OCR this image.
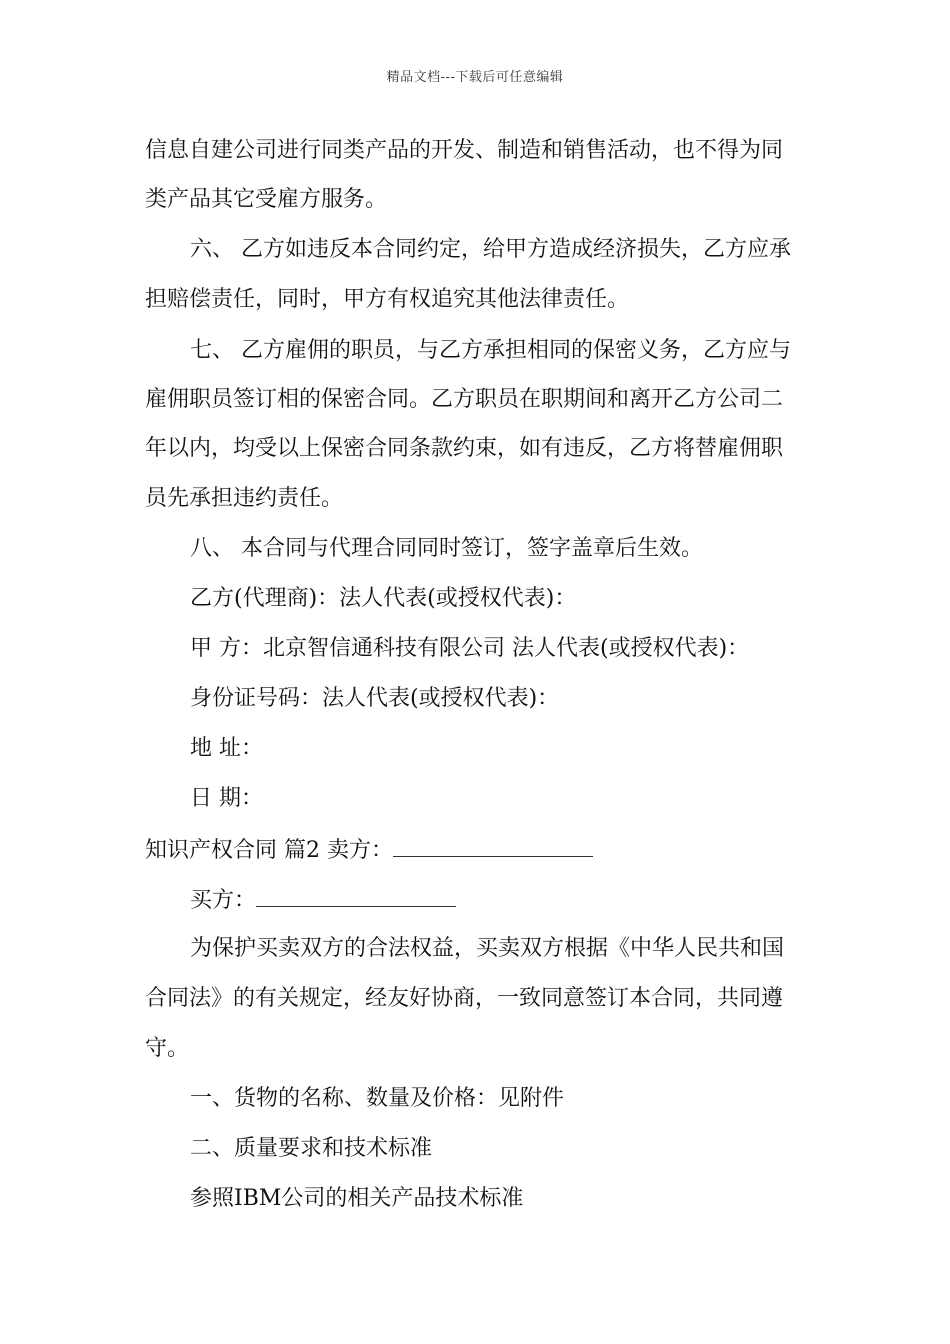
精品文档---下载后可任意编辑
信息自建公司进行同类产品的开发、制造和销售活动，也不得为同
类产品其它受雇方服务。
六、 乙方如违反本合同约定，给甲方造成经济损失，乙方应承
担赔偿责任，同时，甲方有权追究其他法律责任。
七、 乙方雇佣的职员，与乙方承担相同的保密义务，乙方应与
雇佣职员签订相的保密合同。乙方职员在职期间和离开乙方公司二
年以内，均受以上保密合同条款约束，如有违反，乙方将替雇佣职
员先承担违约责任。
八、 本合同与代理合同同时签订，签字盖章后生效。
乙方(代理商)：法人代表(或授权代表)：
甲 方：北京智信通科技有限公司 法人代表(或授权代表)：
身份证号码：法人代表(或授权代表)：
地 址：
日 期：
知识产权合同 篇2 卖方：
买方：
为保护买卖双方的合法权益，买卖双方根据《中华人民共和国
合同法》的有关规定，经友好协商，一致同意签订本合同，共同遵
守。
一、货物的名称、数量及价格：见附件
二、质量要求和技术标准
参照IBM公司的相关产品技术标准
